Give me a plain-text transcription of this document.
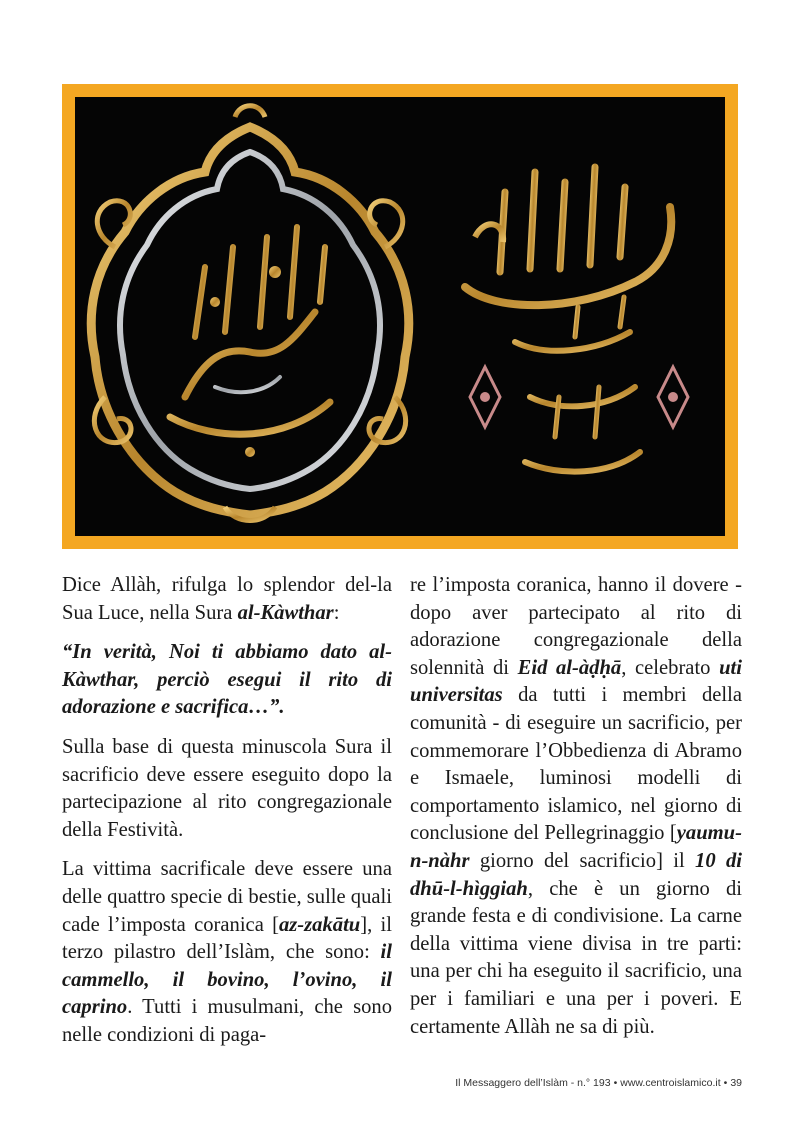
Dice Allàh, rifulga lo splendor del-la Sua Luce, nella Sura al-Kàwthar:

“In verità, Noi ti abbiamo dato al-Kàwthar, perciò esegui il rito di adorazione e sacrifica…”.

Sulla base di questa minuscola Sura il sacrificio deve essere eseguito dopo la partecipazione al rito congregazionale della Festività.

La vittima sacrificale deve essere una delle quattro specie di bestie, sulle quali cade l’imposta coranica [az-zakātu], il terzo pilastro dell’Islàm, che sono: il cammello, il bovino, l’ovino, il caprino. Tutti i musulmani, che sono nelle condizioni di paga-

re l’imposta coranica, hanno il dovere - dopo aver partecipato al rito di adorazione congregazionale della solennità di Eid al-àḍḥā, celebrato uti universitas da tutti i membri della comunità - di eseguire un sacrificio, per commemorare l’Obbedienza di Abramo e Ismaele, luminosi modelli di comportamento islamico, nel giorno di conclusione del Pellegrinaggio [yaumu-n-nàhr giorno del sacrificio] il 10 di dhū-l-hìggiah, che è un giorno di grande festa e di condivisione. La carne della vittima viene divisa in tre parti: una per chi ha eseguito il sacrificio, una per i familiari e una per i poveri. E certamente Allàh ne sa di più.

Il Messaggero dell’Islàm - n.° 193 • www.centroislamico.it • 39
